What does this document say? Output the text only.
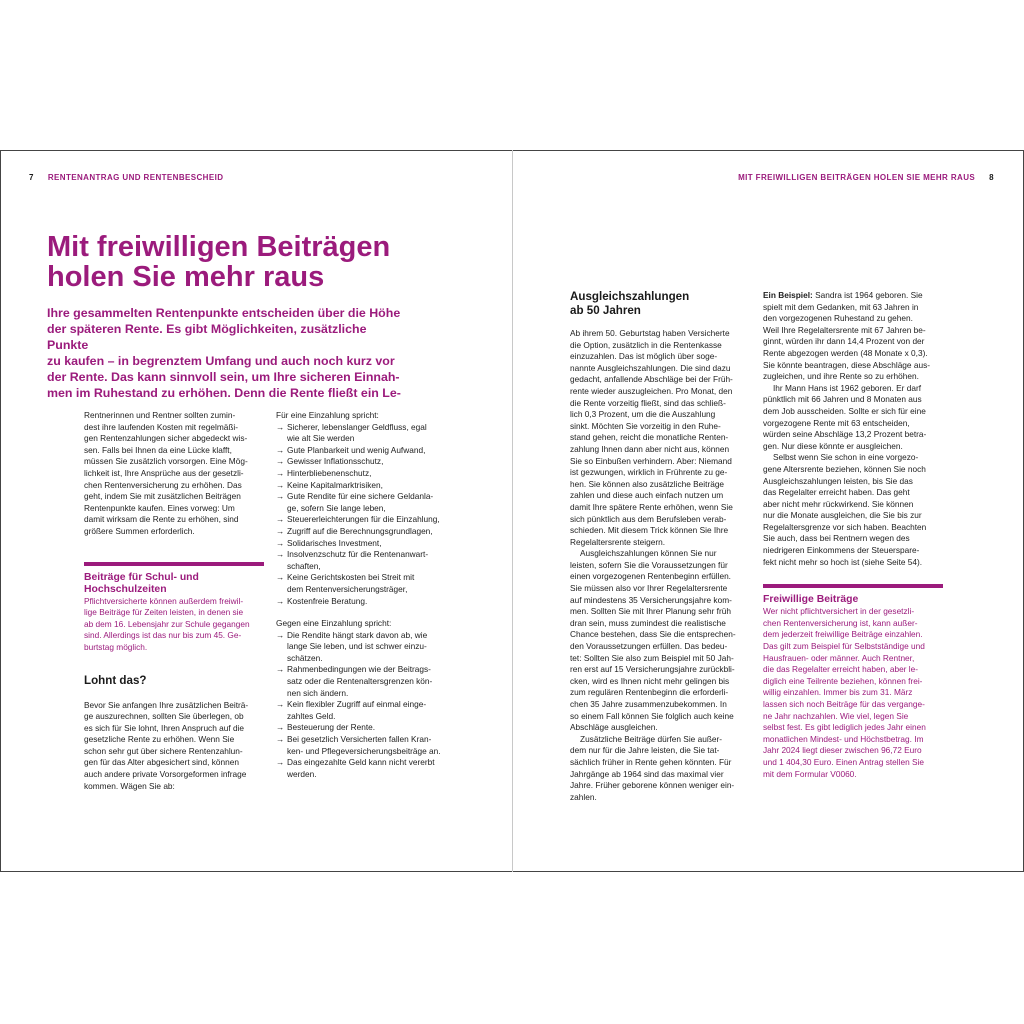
7 RENTENANTRAG UND RENTENBESCHEID	MIT FREIWILLIGEN BEITRÄGEN HOLEN SIE MEHR RAUS 8
Mit freiwilligen Beiträgen
holen Sie mehr raus
Ihre gesammelten Rentenpunkte entscheiden über die Höhe
der späteren Rente. Es gibt Möglichkeiten, zusätzliche Punkte
zu kaufen – in begrenztem Umfang und auch noch kurz vor
der Rente. Das kann sinnvoll sein, um Ihre sicheren Einnah-
men im Ruhestand zu erhöhen. Denn die Rente fließt ein Le-

Rentnerinnen und Rentner sollten zumin-
dest ihre laufenden Kosten mit regelmäßi-
gen Rentenzahlungen sicher abgedeckt wis-
sen. Falls bei Ihnen da eine Lücke klafft,
müssen Sie zusätzlich vorsorgen. Eine Mög-
lichkeit ist, Ihre Ansprüche aus der gesetzli-
chen Rentenversicherung zu erhöhen. Das
geht, indem Sie mit zusätzlichen Beiträgen
Rentenpunkte kaufen. Eines vorweg: Um
damit wirksam die Rente zu erhöhen, sind
größere Summen erforderlich.

Beiträge für Schul- und
Hochschulzeiten

Pflichtversicherte können außerdem freiwil-
lige Beiträge für Zeiten leisten, in denen sie
ab dem 16. Lebensjahr zur Schule gegangen
sind. Allerdings ist das nur bis zum 45. Ge-
burtstag möglich.

Lohnt das?

Bevor Sie anfangen Ihre zusätzlichen Beiträ-
ge auszurechnen, sollten Sie überlegen, ob
es sich für Sie lohnt, Ihren Anspruch auf die
gesetzliche Rente zu erhöhen. Wenn Sie
schon sehr gut über sichere Rentenzahlun-
gen für das Alter abgesichert sind, können
auch andere private Vorsorgeformen infrage
kommen. Wägen Sie ab:

Für eine Einzahlung spricht:

→ Sicherer, lebenslanger Geldfluss, egal
wie alt Sie werden
→ Gute Planbarkeit und wenig Aufwand,
→ Gewisser Inflationsschutz,
→ Hinterbliebenenschutz,
→ Keine Kapitalmarktrisiken,
→ Gute Rendite für eine sichere Geldanla-
ge, sofern Sie lange leben,
→ Steuererleichterungen für die Einzahlung,
→ Zugriff auf die Berechnungsgrundlagen,
→ Solidarisches Investment,
→ Insolvenzschutz für die Rentenanwart-
schaften,
→ Keine Gerichtskosten bei Streit mit
dem Rentenversicherungsträger,
→ Kostenfreie Beratung.

Gegen eine Einzahlung spricht:

→ Die Rendite hängt stark davon ab, wie
lange Sie leben, und ist schwer einzu-
schätzen.
→ Rahmenbedingungen wie der Beitrags-
satz oder die Rentenaltersgrenzen kön-
nen sich ändern.
→ Kein flexibler Zugriff auf einmal einge-
zahltes Geld.
→ Besteuerung der Rente.
→ Bei gesetzlich Versicherten fallen Kran-
ken- und Pflegeversicherungsbeiträge an.
→ Das eingezahlte Geld kann nicht vererbt
werden.

Ausgleichszahlungen
ab 50 Jahren

Ab ihrem 50. Geburtstag haben Versicherte
die Option, zusätzlich in die Rentenkasse
einzuzahlen. Das ist möglich über soge-
nannte Ausgleichszahlungen. Die sind dazu
gedacht, anfallende Abschläge bei der Früh-
rente wieder auszugleichen. Pro Monat, den
die Rente vorzeitig fließt, sind das schließ-
lich 0,3 Prozent, um die die Auszahlung
sinkt. Möchten Sie vorzeitig in den Ruhe-
stand gehen, reicht die monatliche Renten-
zahlung Ihnen dann aber nicht aus, können
Sie so Einbußen verhindern. Aber: Niemand
ist gezwungen, wirklich in Frührente zu ge-
hen. Sie können also zusätzliche Beiträge
zahlen und diese auch einfach nutzen um
damit Ihre spätere Rente erhöhen, wenn Sie
sich pünktlich aus dem Berufsleben verab-
schieden. Mit diesem Trick können Sie Ihre
Regelaltersrente steigern.

Ausgleichszahlungen können Sie nur
leisten, sofern Sie die Voraussetzungen für
einen vorgezogenen Rentenbeginn erfüllen.
Sie müssen also vor Ihrer Regelaltersrente
auf mindestens 35 Versicherungsjahre kom-
men. Sollten Sie mit Ihrer Planung sehr früh
dran sein, muss zumindest die realistische
Chance bestehen, dass Sie die entsprechen-
den Voraussetzungen erfüllen. Das bedeu-
tet: Sollten Sie also zum Beispiel mit 50 Jah-
ren erst auf 15 Versicherungsjahre zurückbli-
cken, wird es Ihnen nicht mehr gelingen bis
zum regulären Rentenbeginn die erforderli-
chen 35 Jahre zusammenzubekommen. In
so einem Fall können Sie folglich auch keine
Abschläge ausgleichen.

Zusätzliche Beiträge dürfen Sie außer-
dem nur für die Jahre leisten, die Sie tat-
sächlich früher in Rente gehen könnten. Für
Jahrgänge ab 1964 sind das maximal vier
Jahre. Früher geborene können weniger ein-
zahlen.

Ein Beispiel: Sandra ist 1964 geboren. Sie
spielt mit dem Gedanken, mit 63 Jahren in
den vorgezogenen Ruhestand zu gehen.
Weil Ihre Regelaltersrente mit 67 Jahren be-
ginnt, würden ihr dann 14,4 Prozent von der
Rente abgezogen werden (48 Monate x 0,3).
Sie könnte beantragen, diese Abschläge aus-
zugleichen, und ihre Rente so zu erhöhen.

Ihr Mann Hans ist 1962 geboren. Er darf
pünktlich mit 66 Jahren und 8 Monaten aus
dem Job ausscheiden. Sollte er sich für eine
vorgezogene Rente mit 63 entscheiden,
würden seine Abschläge 13,2 Prozent betra-
gen. Nur diese könnte er ausgleichen.

Selbst wenn Sie schon in eine vorgezo-
gene Altersrente beziehen, können Sie noch
Ausgleichszahlungen leisten, bis Sie das
das Regelalter erreicht haben. Das geht
aber nicht mehr rückwirkend. Sie können
nur die Monate ausgleichen, die Sie bis zur
Regelaltersgrenze vor sich haben. Beachten
Sie auch, dass bei Rentnern wegen des
niedrigeren Einkommens der Steuerspare-
fekt nicht mehr so hoch ist (siehe Seite 54).

Freiwillige Beiträge

Wer nicht pflichtversichert in der gesetzli-
chen Rentenversicherung ist, kann außer-
dem jederzeit freiwillige Beiträge einzahlen.
Das gilt zum Beispiel für Selbstständige und
Hausfrauen- oder männer. Auch Rentner,
die das Regelalter erreicht haben, aber le-
diglich eine Teilrente beziehen, können frei-
willig einzahlen. Immer bis zum 31. März
lassen sich noch Beiträge für das vergange-
ne Jahr nachzahlen. Wie viel, legen Sie
selbst fest. Es gibt lediglich jedes Jahr einen
monatlichen Mindest- und Höchstbetrag. Im
Jahr 2024 liegt dieser zwischen 96,72 Euro
und 1 404,30 Euro. Einen Antrag stellen Sie
mit dem Formular V0060.
